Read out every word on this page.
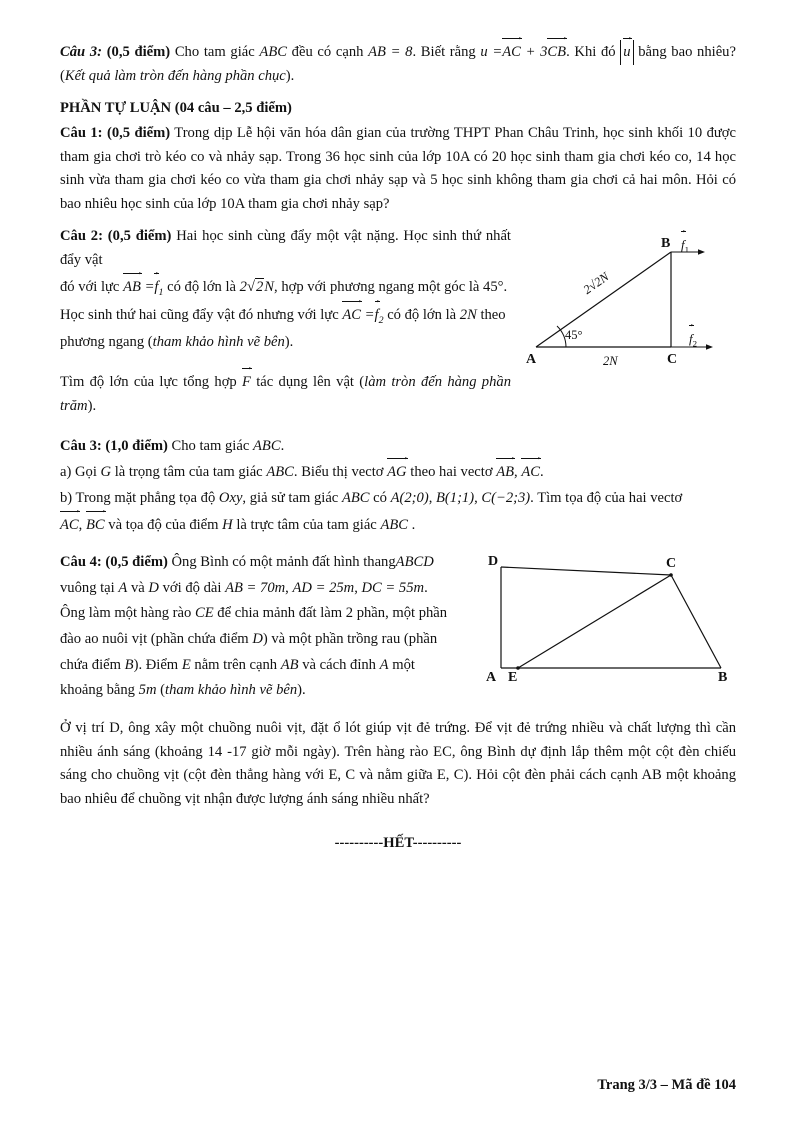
Câu 3: (0,5 điểm) Cho tam giác ABC đều có cạnh AB = 8. Biết rằng u =AC + 3CB. Khi đó u bằng bao nhiêu? (Kết quả làm tròn đến hàng phần chục).
PHẦN TỰ LUẬN (04 câu – 2,5 điểm)
Câu 1: (0,5 điểm) Trong dịp Lễ hội văn hóa dân gian của trường THPT Phan Châu Trinh, học sinh khối 10 được tham gia chơi trò kéo co và nhảy sạp. Trong 36 học sinh của lớp 10A có 20 học sinh tham gia chơi kéo co, 14 học sinh vừa tham gia chơi kéo co vừa tham gia chơi nhảy sạp và 5 học sinh không tham gia chơi cả hai môn. Hỏi có bao nhiêu học sinh của lớp 10A tham gia chơi nhảy sạp?
B
A	C
45°
2√2N
2N
$f_1$
$f_2$
Câu 2: (0,5 điểm) Hai học sinh cùng đẩy một vật nặng. Học sinh thứ nhất đẩy vật
đó với lực AB $=f_1$ có độ lớn là 2√2N, hợp với phương ngang một góc là 45°.
Học sinh thứ hai cũng đẩy vật đó nhưng với lực AC $=f_2$ có độ lớn là 2N theo
phương ngang (tham khảo hình vẽ bên).
Tìm độ lớn của lực tổng hợp F tác dụng lên vật (làm tròn đến hàng phần trăm).
Câu 3: (1,0 điểm) Cho tam giác ABC.
a) Gọi G là trọng tâm của tam giác ABC. Biểu thị vectơ AG theo hai vectơ AB, AC.
b) Trong mặt phẳng tọa độ Oxy, giả sử tam giác ABC có A(2;0), B(1;1), C(−2;3). Tìm tọa độ của hai vectơ
AC, BC và tọa độ của điểm H là trực tâm của tam giác ABC .
D	C
A E	B
Câu 4: (0,5 điểm) Ông Bình có một mảnh đất hình thangABCD
vuông tại A và D với độ dài AB = 70m, AD = 25m, DC = 55m.
Ông làm một hàng rào CE để chia mảnh đất làm 2 phần, một phần
đào ao nuôi vịt (phần chứa điểm D) và một phần trồng rau (phần
chứa điểm B). Điểm E nằm trên cạnh AB và cách đỉnh A một
khoảng bằng 5m (tham khảo hình vẽ bên).
Ở vị trí D, ông xây một chuồng nuôi vịt, đặt ổ lót giúp vịt đẻ trứng. Để vịt đẻ trứng nhiều và chất lượng thì cần nhiều ánh sáng (khoảng 14 -17 giờ mỗi ngày). Trên hàng rào EC, ông Bình dự định lắp thêm một cột đèn chiếu sáng cho chuồng vịt (cột đèn thẳng hàng với E, C và nằm giữa E, C). Hỏi cột đèn phải cách cạnh AB một khoảng bao nhiêu để chuồng vịt nhận được lượng ánh sáng nhiều nhất?
----------HẾT----------
Trang 3/3 – Mã đề 104
